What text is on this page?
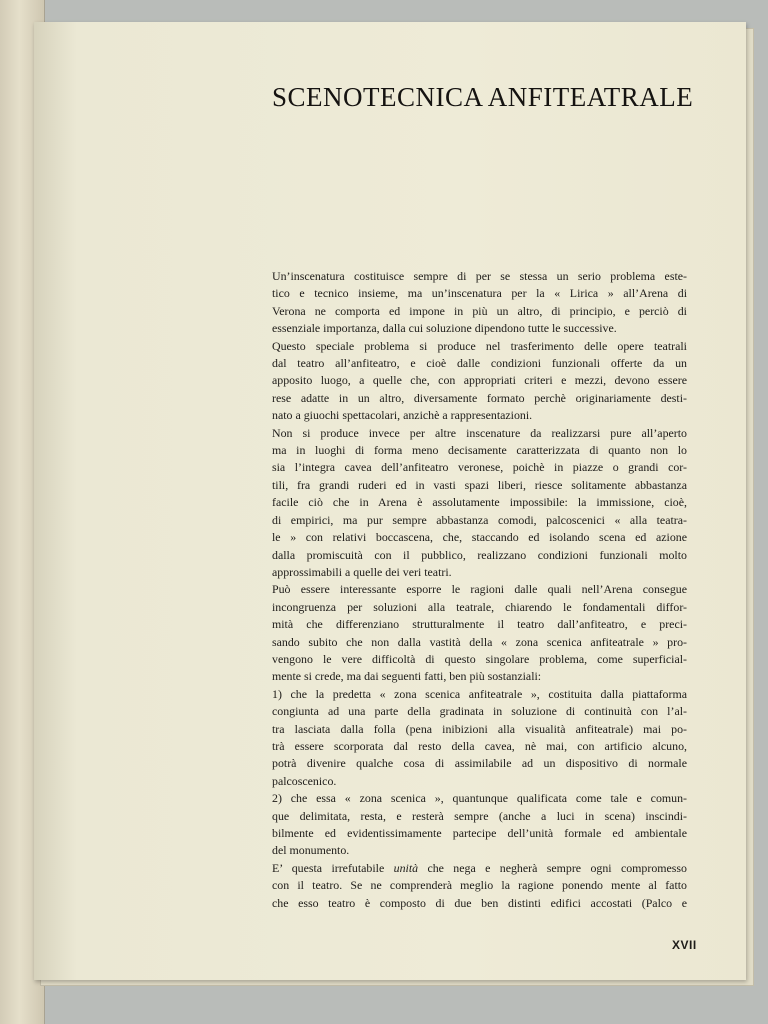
SCENOTECNICA ANFITEATRALE
Un’inscenatura costituisce sempre di per se stessa un serio problema este-
tico e tecnico insieme, ma un’inscenatura per la « Lirica » all’Arena di
Verona ne comporta ed impone in più un altro, di principio, e perciò di
essenziale importanza, dalla cui soluzione dipendono tutte le successive.
Questo speciale problema si produce nel trasferimento delle opere teatrali
dal teatro all’anfiteatro, e cioè dalle condizioni funzionali offerte da un
apposito luogo, a quelle che, con appropriati criteri e mezzi, devono essere
rese adatte in un altro, diversamente formato perchè originariamente desti-
nato a giuochi spettacolari, anzichè a rappresentazioni.
Non si produce invece per altre inscenature da realizzarsi pure all’aperto
ma in luoghi di forma meno decisamente caratterizzata di quanto non lo
sia l’integra cavea dell’anfiteatro veronese, poichè in piazze o grandi cor-
tili, fra grandi ruderi ed in vasti spazi liberi, riesce solitamente abbastanza
facile ciò che in Arena è assolutamente impossibile: la immissione, cioè,
di empirici, ma pur sempre abbastanza comodi, palcoscenici « alla teatra-
le » con relativi boccascena, che, staccando ed isolando scena ed azione
dalla promiscuità con il pubblico, realizzano condizioni funzionali molto
approssimabili a quelle dei veri teatri.
Può essere interessante esporre le ragioni dalle quali nell’Arena consegue
incongruenza per soluzioni alla teatrale, chiarendo le fondamentali diffor-
mità che differenziano strutturalmente il teatro dall’anfiteatro, e preci-
sando subito che non dalla vastità della « zona scenica anfiteatrale » pro-
vengono le vere difficoltà di questo singolare problema, come superficial-
mente si crede, ma dai seguenti fatti, ben più sostanziali:
1) che la predetta « zona scenica anfiteatrale », costituita dalla piattaforma
congiunta ad una parte della gradinata in soluzione di continuità con l’al-
tra lasciata dalla folla (pena inibizioni alla visualità anfiteatrale) mai po-
trà essere scorporata dal resto della cavea, nè mai, con artificio alcuno,
potrà divenire qualche cosa di assimilabile ad un dispositivo di normale
palcoscenico.
2) che essa « zona scenica », quantunque qualificata come tale e comun-
que delimitata, resta, e resterà sempre (anche a luci in scena) inscindi-
bilmente ed evidentissimamente partecipe dell’unità formale ed ambientale
del monumento.
E’ questa irrefutabile unità che nega e negherà sempre ogni compromesso
con il teatro. Se ne comprenderà meglio la ragione ponendo mente al fatto
che esso teatro è composto di due ben distinti edifici accostati (Palco e
XVII
